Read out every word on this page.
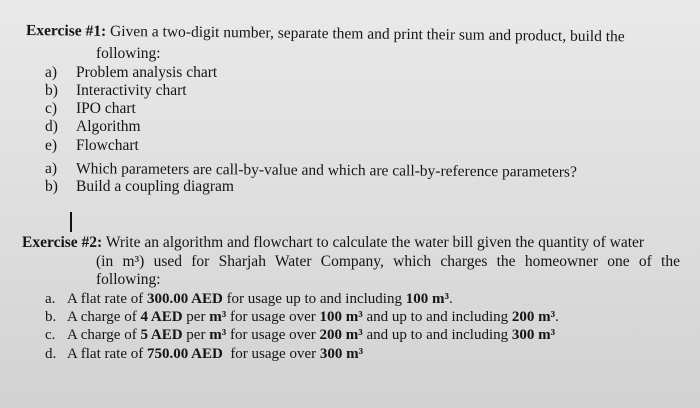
Exercise #1: Given a two-digit number, separate them and print their sum and product, build the
following:
a) Problem analysis chart
b) Interactivity chart
c) IPO chart
d) Algorithm
e) Flowchart
a) Which parameters are call-by-value and which are call-by-reference parameters?
b) Build a coupling diagram
Exercise #2: Write an algorithm and flowchart to calculate the water bill given the quantity of water
(in m³) used for Sharjah Water Company, which charges the homeowner one of the
following:
a. A flat rate of 300.00 AED for usage up to and including 100 m³.
b. A charge of 4 AED per m³ for usage over 100 m³ and up to and including 200 m³.
c. A charge of 5 AED per m³ for usage over 200 m³ and up to and including 300 m³
d. A flat rate of 750.00 AED  for usage over 300 m³
